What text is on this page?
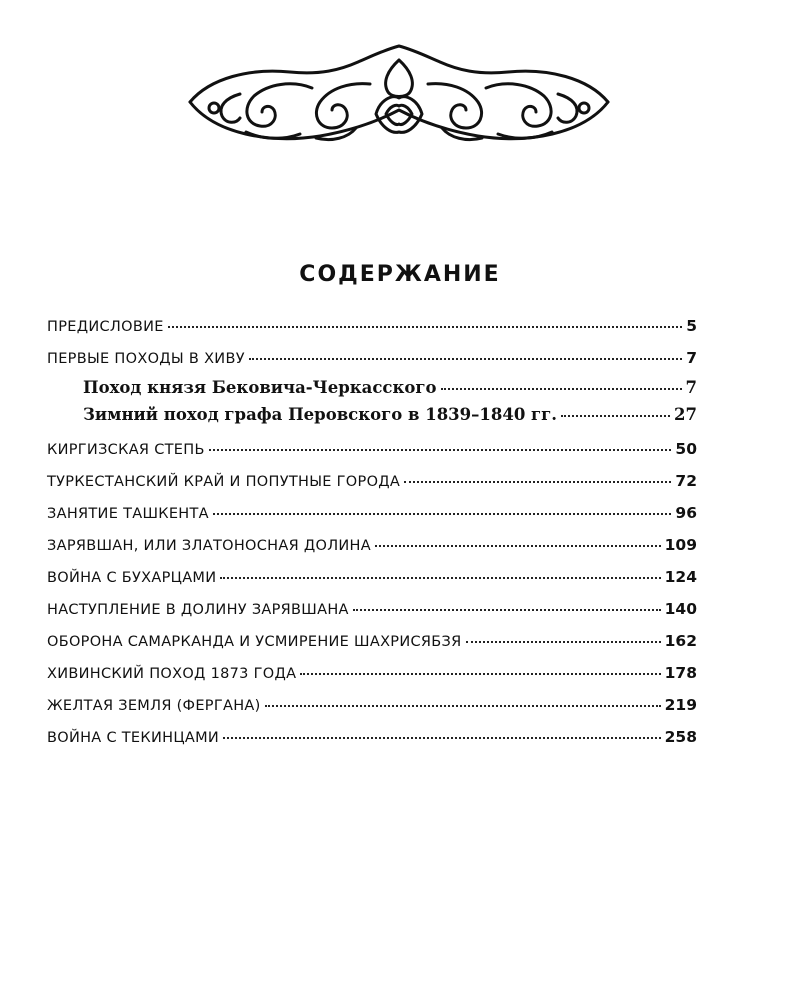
СОДЕРЖАНИЕ
ПРЕДИСЛОВИЕ	5
ПЕРВЫЕ ПОХОДЫ В ХИВУ	7
Поход князя Бековича-Черкасского	7
Зимний поход графа Перовского в 1839–1840 гг.	27
КИРГИЗСКАЯ СТЕПЬ	50
ТУРКЕСТАНСКИЙ КРАЙ И ПОПУТНЫЕ ГОРОДА	72
ЗАНЯТИЕ ТАШКЕНТА	96
ЗАРЯВШАН, ИЛИ ЗЛАТОНОСНАЯ ДОЛИНА	109
ВОЙНА С БУХАРЦАМИ	124
НАСТУПЛЕНИЕ В ДОЛИНУ ЗАРЯВШАНА	140
ОБОРОНА САМАРКАНДА И УСМИРЕНИЕ ШАХРИСЯБЗЯ	162
ХИВИНСКИЙ ПОХОД 1873 ГОДА	178
ЖЕЛТАЯ ЗЕМЛЯ (ФЕРГАНА)	219
ВОЙНА С ТЕКИНЦАМИ	258
